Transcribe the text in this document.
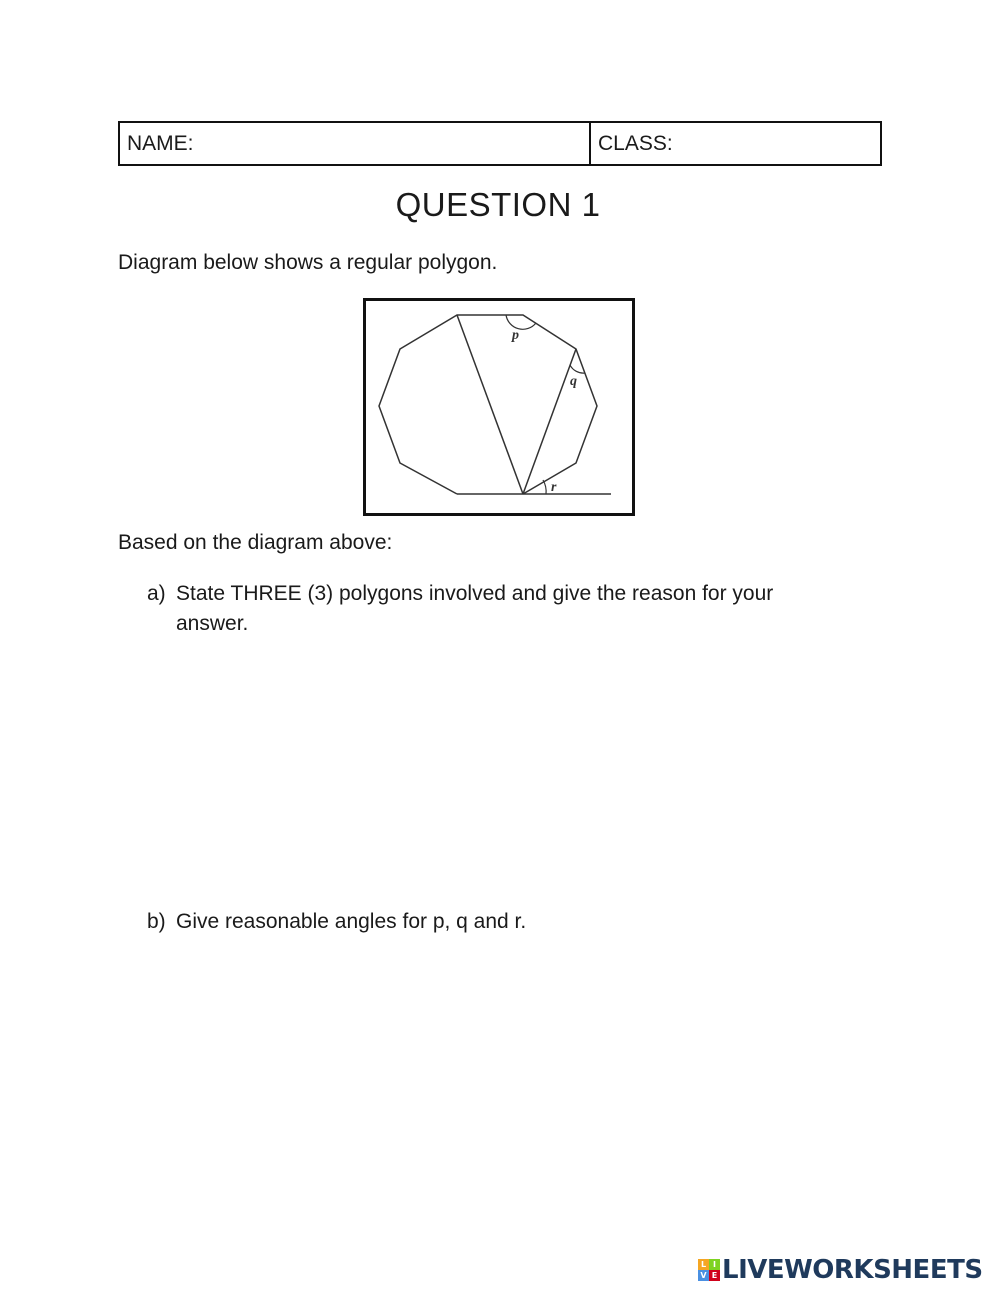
NAME:	CLASS:
QUESTION 1
Diagram below shows a regular polygon.
p
q
r
Based on the diagram above:
a) State THREE (3) polygons involved and give the reason for your answer.
b) Give reasonable angles for p, q and r.
L I
V E LIVEWORKSHEETS
